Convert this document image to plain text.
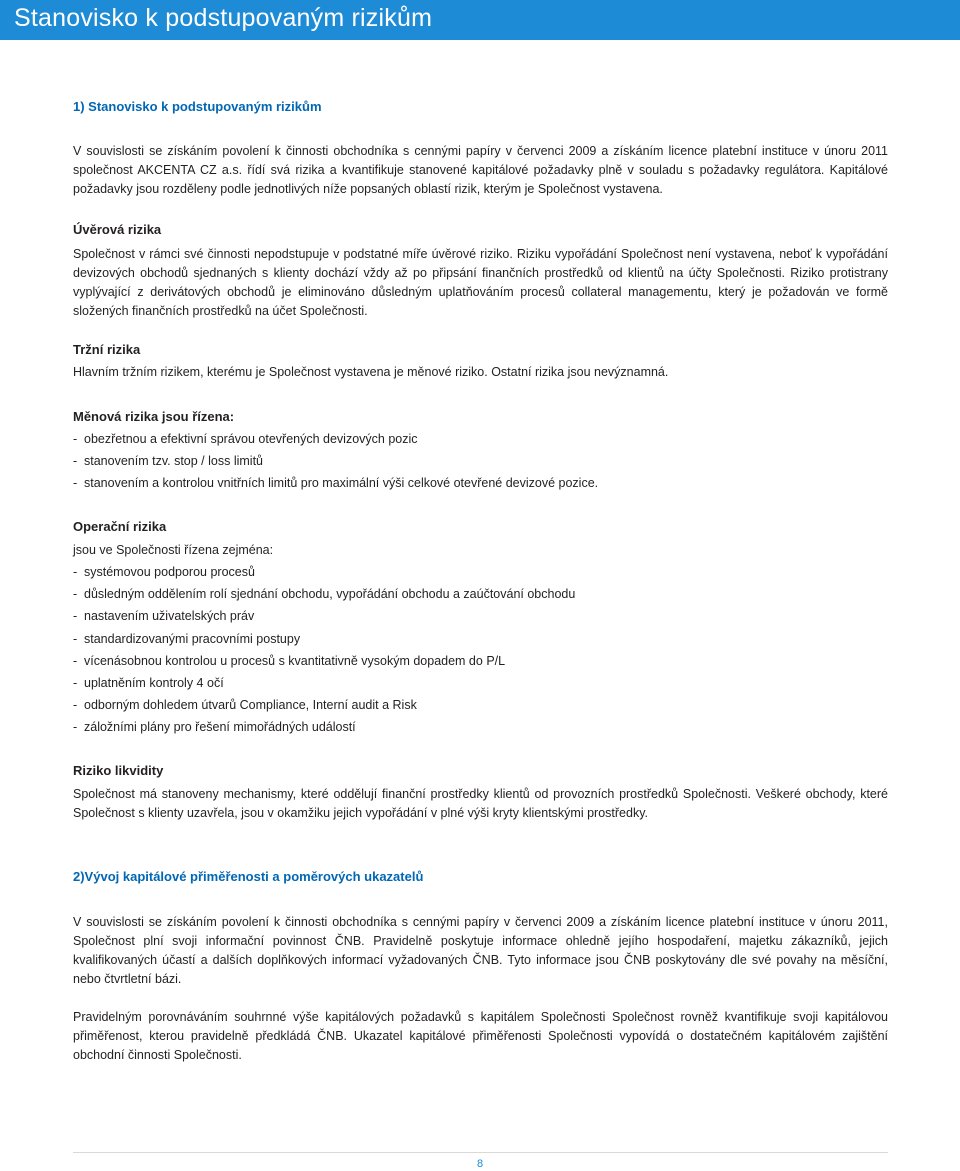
Stanovisko k podstupovaným rizikům
1) Stanovisko k podstupovaným rizikům

V souvislosti se získáním povolení k činnosti obchodníka s cennými papíry v červenci 2009 a získáním licence platební instituce v únoru 2011 společnost AKCENTA CZ a.s. řídí svá rizika a kvantifikuje stanovené kapitálové požadavky plně v souladu s požadavky regulátora. Kapitálové požadavky jsou rozděleny podle jednotlivých níže popsaných oblastí rizik, kterým je Společnost vystavena.

Úvěrová rizika

Společnost v rámci své činnosti nepodstupuje v podstatné míře úvěrové riziko. Riziku vypořádání Společnost není vystavena, neboť k vypořádání devizových obchodů sjednaných s klienty dochází vždy až po připsání finančních prostředků od klientů na účty Společnosti. Riziko protistrany vyplývající z derivátových obchodů je eliminováno důsledným uplatňováním procesů collateral managementu, který je požadován ve formě složených finančních prostředků na účet Společnosti.

Tržní rizika

Hlavním tržním rizikem, kterému je Společnost vystavena je měnové riziko. Ostatní rizika jsou nevýznamná.

Měnová rizika jsou řízena:
- obezřetnou a efektivní správou otevřených devizových pozic
- stanovením tzv. stop / loss limitů
- stanovením a kontrolou vnitřních limitů pro maximální výši celkové otevřené devizové pozice.
Operační rizika

jsou ve Společnosti řízena zejména:

- systémovou podporou procesů
- důsledným oddělením rolí sjednání obchodu, vypořádání obchodu a zaúčtování obchodu
- nastavením uživatelských práv
- standardizovanými pracovními postupy
- vícenásobnou kontrolou u procesů s kvantitativně vysokým dopadem do P/L
- uplatněním kontroly 4 očí
- odborným dohledem útvarů Compliance, Interní audit a Risk
- záložními plány pro řešení mimořádných událostí
Riziko likvidity

Společnost má stanoveny mechanismy, které oddělují finanční prostředky klientů od provozních prostředků Společnosti. Veškeré obchody, které Společnost s klienty uzavřela, jsou v okamžiku jejich vypořádání v plné výši kryty klientskými prostředky.

2)Vývoj kapitálové přiměřenosti a poměrových ukazatelů

V souvislosti se získáním povolení k činnosti obchodníka s cennými papíry v červenci 2009 a získáním licence platební instituce v únoru 2011, Společnost plní svoji informační povinnost ČNB. Pravidelně poskytuje informace ohledně jejího hospodaření, majetku zákazníků, jejich kvalifikovaných účastí a dalších doplňkových informací vyžadovaných ČNB. Tyto informace jsou ČNB poskytovány dle své povahy na měsíční, nebo čtvrtletní bázi.

Pravidelným porovnáváním souhrnné výše kapitálových požadavků s kapitálem Společnosti Společnost rovněž kvantifikuje svoji kapitálovou přiměřenost, kterou pravidelně předkládá ČNB. Ukazatel kapitálové přiměřenosti Společnosti vypovídá o dostatečném kapitálovém zajištění obchodní činnosti Společnosti.

8
